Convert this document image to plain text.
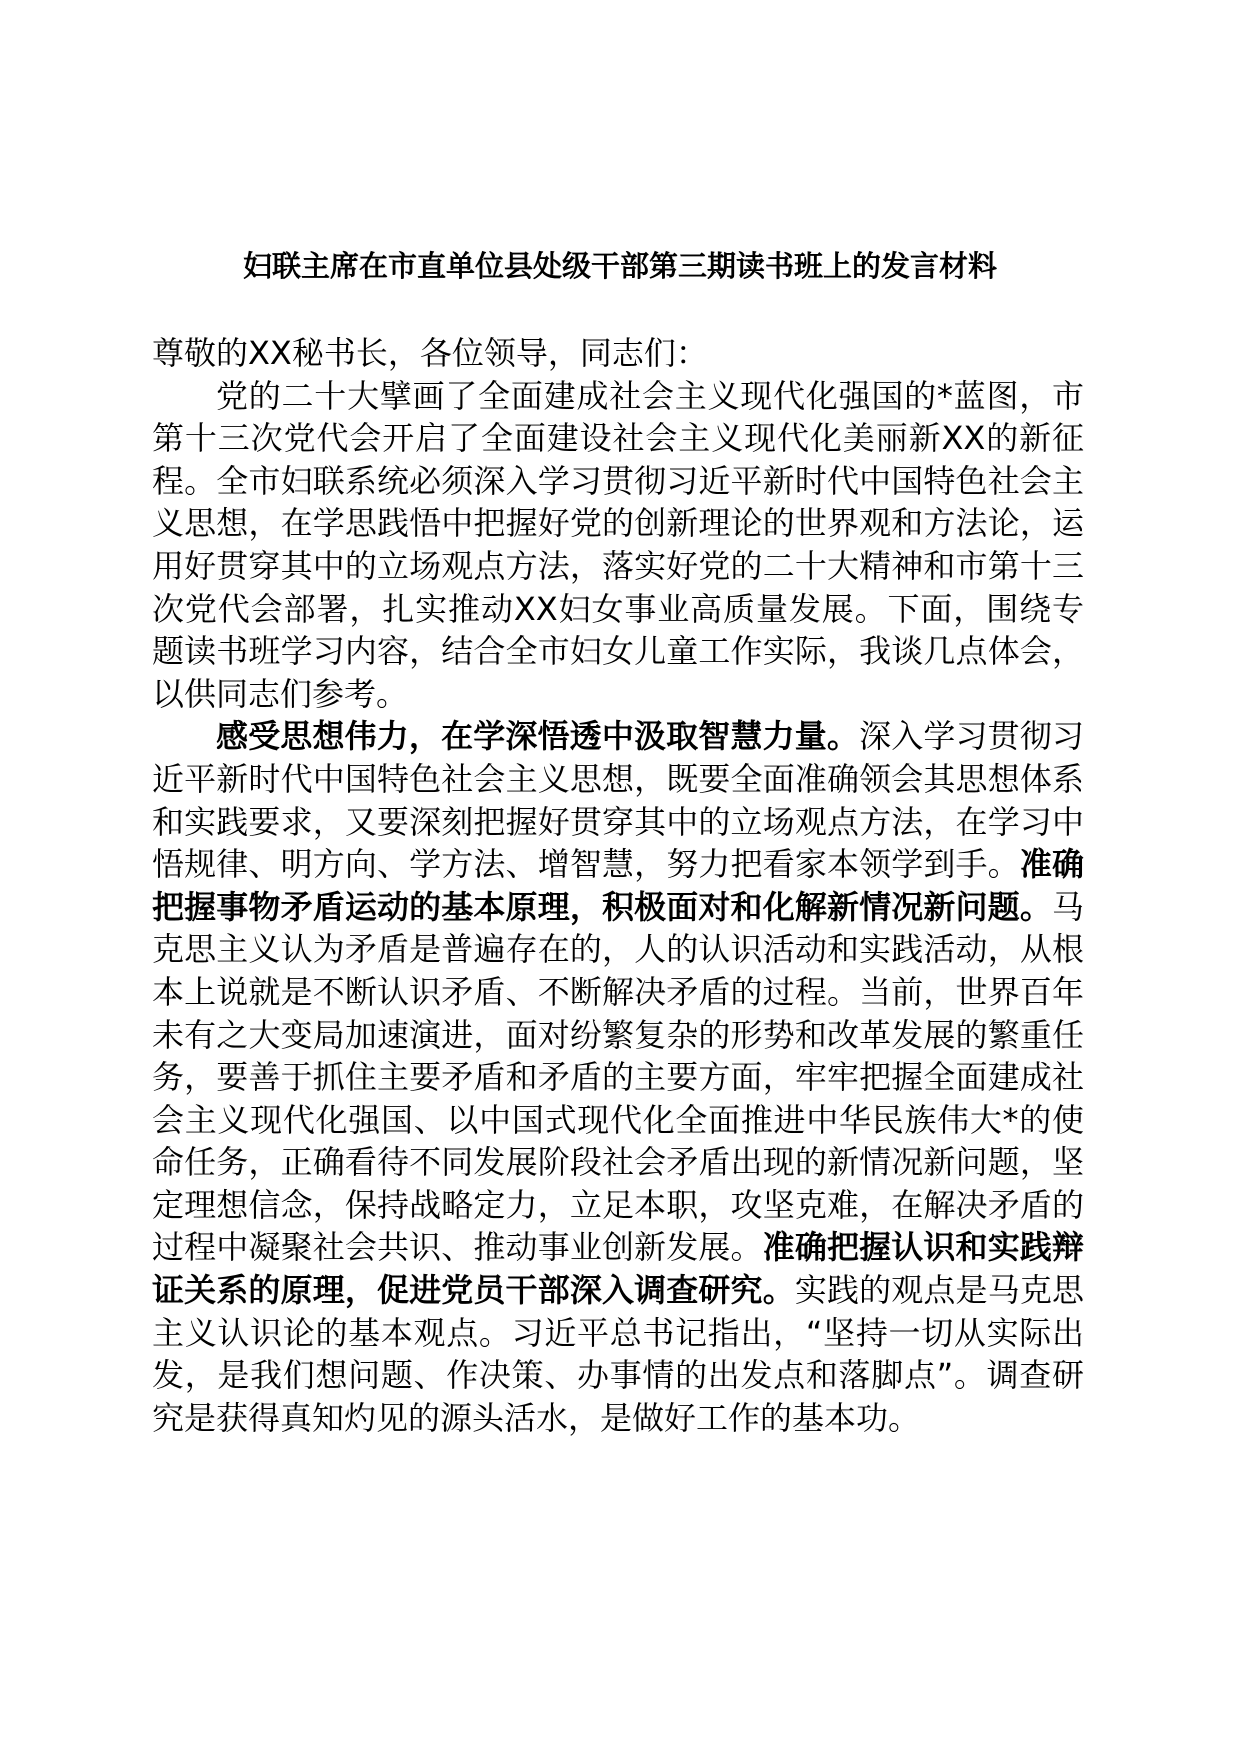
妇联主席在市直单位县处级干部第三期读书班上的发言材料

尊敬的XX秘书长，各位领导，同志们：

党的二十大擘画了全面建成社会主义现代化强国的*蓝图，市第十三次党代会开启了全面建设社会主义现代化美丽新XX的新征程。全市妇联系统必须深入学习贯彻习近平新时代中国特色社会主义思想，在学思践悟中把握好党的创新理论的世界观和方法论，运用好贯穿其中的立场观点方法，落实好党的二十大精神和市第十三次党代会部署，扎实推动XX妇女事业高质量发展。下面，围绕专题读书班学习内容，结合全市妇女儿童工作实际，我谈几点体会，以供同志们参考。

感受思想伟力，在学深悟透中汲取智慧力量。深入学习贯彻习近平新时代中国特色社会主义思想，既要全面准确领会其思想体系和实践要求，又要深刻把握好贯穿其中的立场观点方法，在学习中悟规律、明方向、学方法、增智慧，努力把看家本领学到手。准确把握事物矛盾运动的基本原理，积极面对和化解新情况新问题。马克思主义认为矛盾是普遍存在的，人的认识活动和实践活动，从根本上说就是不断认识矛盾、不断解决矛盾的过程。当前，世界百年未有之大变局加速演进，面对纷繁复杂的形势和改革发展的繁重任务，要善于抓住主要矛盾和矛盾的主要方面，牢牢把握全面建成社会主义现代化强国、以中国式现代化全面推进中华民族伟大*的使命任务，正确看待不同发展阶段社会矛盾出现的新情况新问题，坚定理想信念，保持战略定力，立足本职，攻坚克难，在解决矛盾的过程中凝聚社会共识、推动事业创新发展。准确把握认识和实践辩证关系的原理，促进党员干部深入调查研究。实践的观点是马克思主义认识论的基本观点。习近平总书记指出，“坚持一切从实际出发，是我们想问题、作决策、办事情的出发点和落脚点”。调查研究是获得真知灼见的源头活水，是做好工作的基本功。
